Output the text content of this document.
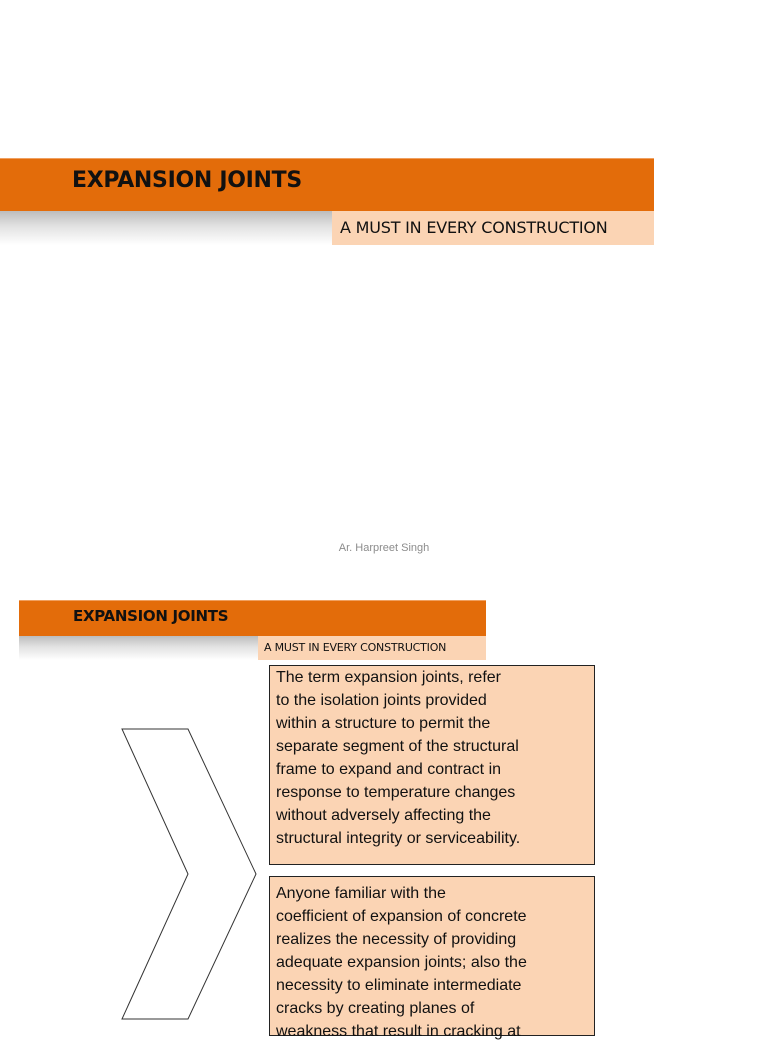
EXPANSION JOINTS
A MUST IN EVERY CONSTRUCTION
Ar. Harpreet Singh
EXPANSION JOINTS
A MUST IN EVERY CONSTRUCTION
The term expansion joints, refer
to the isolation joints provided
within a structure to permit the
separate segment of the structural
frame to expand and contract in
response to temperature changes
without adversely affecting the
structural integrity or serviceability.
Anyone familiar with the
coefficient of expansion of concrete
realizes the necessity of providing
adequate expansion joints; also the
necessity to eliminate intermediate
cracks by creating planes of
weakness that result in cracking at
